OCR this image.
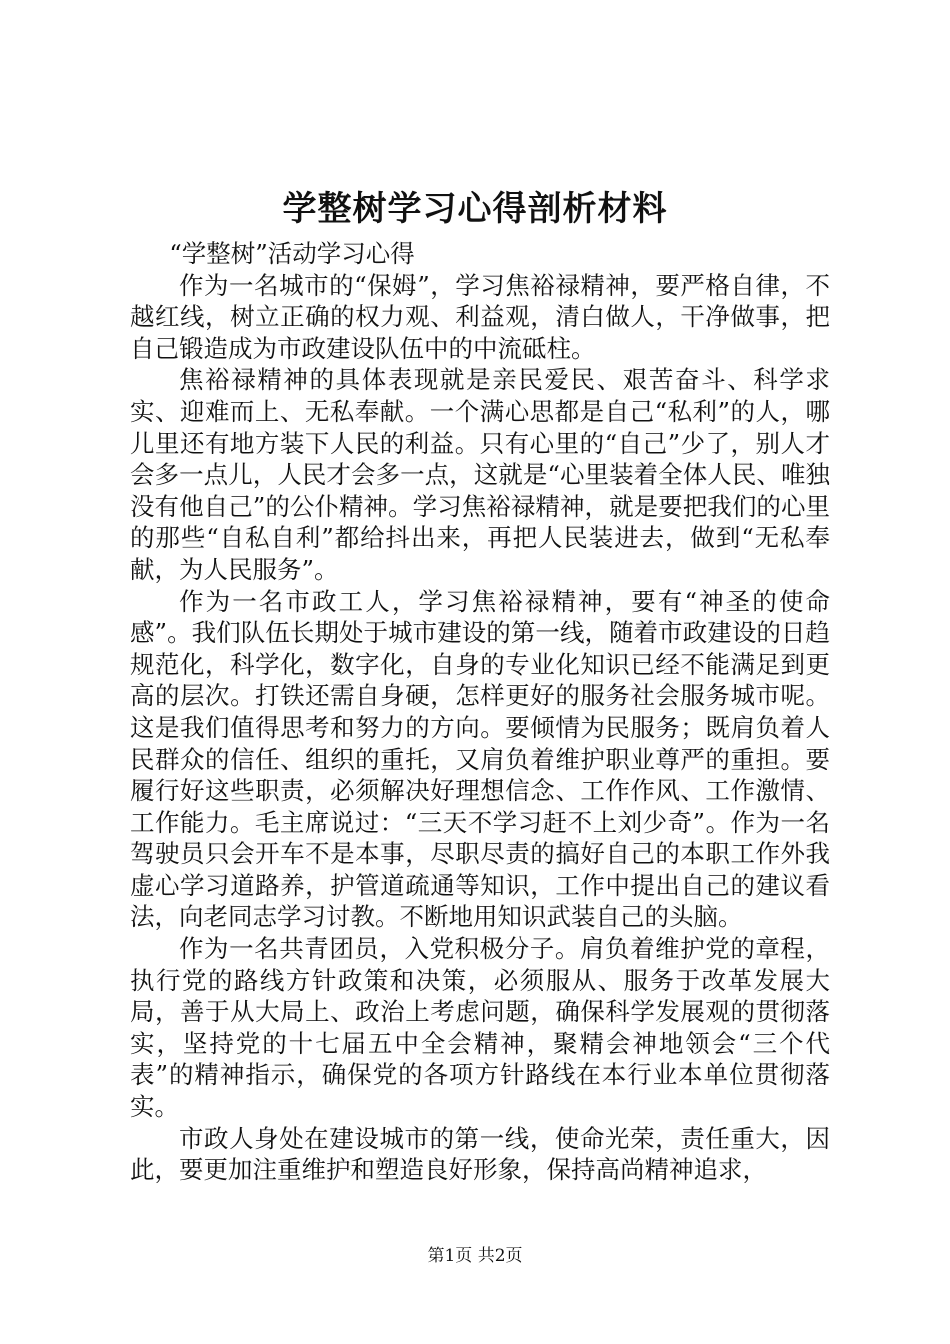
学整树学习心得剖析材料

“学整树”活动学习心得

作为一名城市的“保姆”，学习焦裕禄精神，要严格自律，不越红线，树立正确的权力观、利益观，清白做人，干净做事，把自己锻造成为市政建设队伍中的中流砥柱。

焦裕禄精神的具体表现就是亲民爱民、艰苦奋斗、科学求实、迎难而上、无私奉献。一个满心思都是自己“私利”的人，哪儿里还有地方装下人民的利益。只有心里的“自己”少了，别人才会多一点儿，人民才会多一点，这就是“心里装着全体人民、唯独没有他自己”的公仆精神。学习焦裕禄精神，就是要把我们的心里的那些“自私自利”都给抖出来，再把人民装进去，做到“无私奉献，为人民服务”。

作为一名市政工人，学习焦裕禄精神，要有“神圣的使命感”。我们队伍长期处于城市建设的第一线，随着市政建设的日趋规范化，科学化，数字化，自身的专业化知识已经不能满足到更高的层次。打铁还需自身硬，怎样更好的服务社会服务城市呢。这是我们值得思考和努力的方向。要倾情为民服务；既肩负着人民群众的信任、组织的重托，又肩负着维护职业尊严的重担。要履行好这些职责，必须解决好理想信念、工作作风、工作激情、工作能力。毛主席说过：“三天不学习赶不上刘少奇”。作为一名驾驶员只会开车不是本事，尽职尽责的搞好自己的本职工作外我虚心学习道路养，护管道疏通等知识，工作中提出自己的建议看法，向老同志学习讨教。不断地用知识武装自己的头脑。

作为一名共青团员，入党积极分子。肩负着维护党的章程，执行党的路线方针政策和决策，必须服从、服务于改革发展大局，善于从大局上、政治上考虑问题，确保科学发展观的贯彻落实，坚持党的十七届五中全会精神，聚精会神地领会“三个代表”的精神指示，确保党的各项方针路线在本行业本单位贯彻落实。

市政人身处在建设城市的第一线，使命光荣，责任重大，因此，要更加注重维护和塑造良好形象，保持高尚精神追求，

第1页 共2页
